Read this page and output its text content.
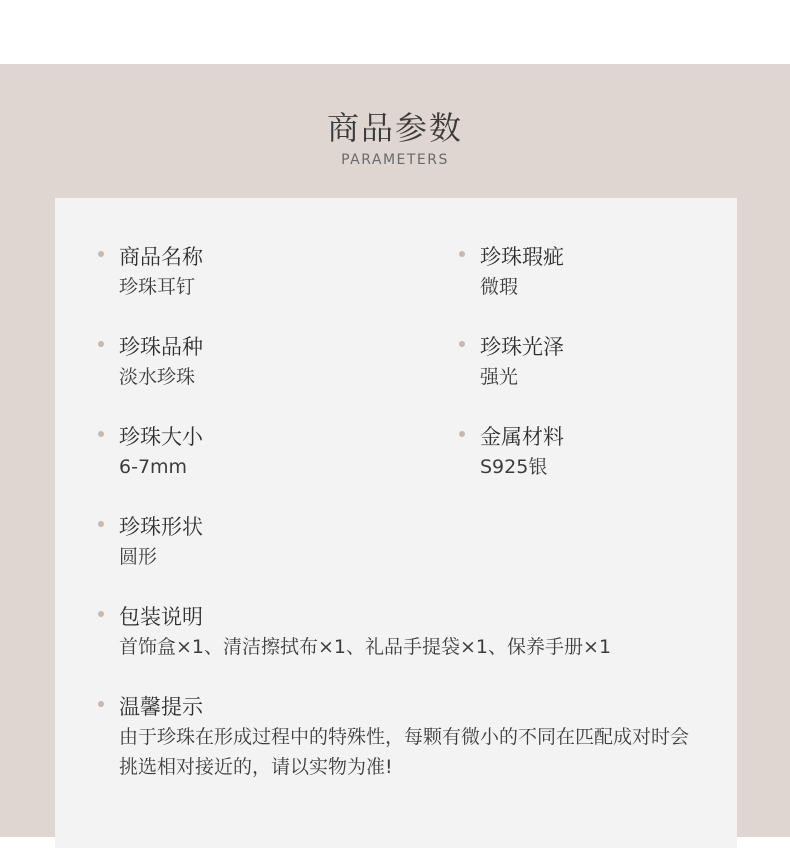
商品参数
PARAMETERS
商品名称
珍珠耳钉
珍珠瑕疵
微瑕
珍珠品种
淡水珍珠
珍珠光泽
强光
珍珠大小
6-7mm
金属材料
S925银
珍珠形状
圆形
包装说明
首饰盒×1、清洁擦拭布×1、礼品手提袋×1、保养手册×1
温馨提示
由于珍珠在形成过程中的特殊性，每颗有微小的不同在匹配成对时会挑选相对接近的，请以实物为准!
